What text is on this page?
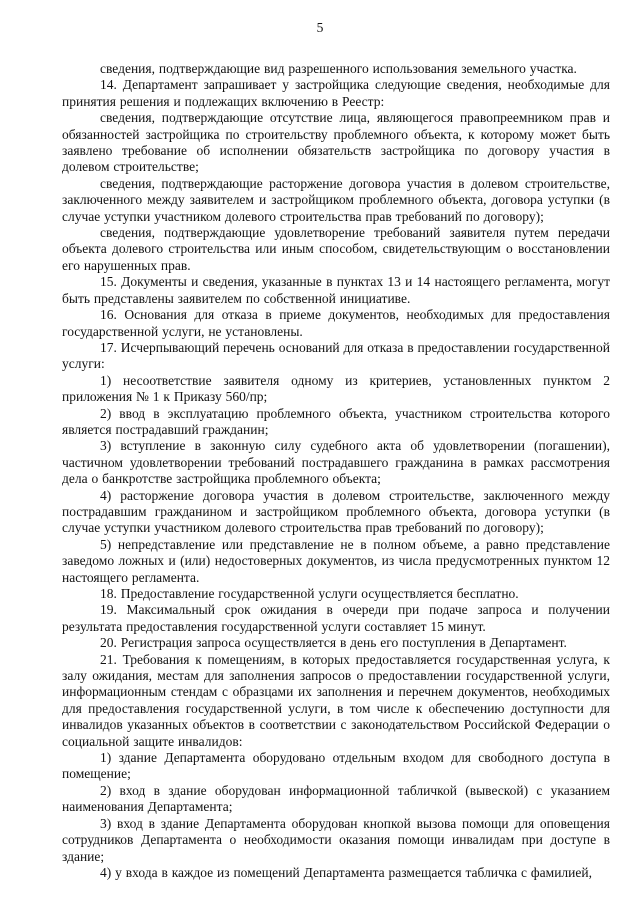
5

сведения, подтверждающие вид разрешенного использования земельного участка.

14. Департамент запрашивает у застройщика следующие сведения, необходимые для принятия решения и подлежащих включению в Реестр:

сведения, подтверждающие отсутствие лица, являющегося правопреемником прав и обязанностей застройщика по строительству проблемного объекта, к которому может быть заявлено требование об исполнении обязательств застройщика по договору участия в долевом строительстве;

сведения, подтверждающие расторжение договора участия в долевом строительстве, заключенного между заявителем и застройщиком проблемного объекта, договора уступки (в случае уступки участником долевого строительства прав требований по договору);

сведения, подтверждающие удовлетворение требований заявителя путем передачи объекта долевого строительства или иным способом, свидетельствующим о восстановлении его нарушенных прав.

15. Документы и сведения, указанные в пунктах 13 и 14 настоящего регламента, могут быть представлены заявителем по собственной инициативе.

16. Основания для отказа в приеме документов, необходимых для предоставления государственной услуги, не установлены.

17. Исчерпывающий перечень оснований для отказа в предоставлении государственной услуги:

1) несоответствие заявителя одному из критериев, установленных пунктом 2 приложения № 1 к Приказу 560/пр;

2) ввод в эксплуатацию проблемного объекта, участником строительства которого является пострадавший гражданин;

3) вступление в законную силу судебного акта об удовлетворении (погашении), частичном удовлетворении требований пострадавшего гражданина в рамках рассмотрения дела о банкротстве застройщика проблемного объекта;

4) расторжение договора участия в долевом строительстве, заключенного между пострадавшим гражданином и застройщиком проблемного объекта, договора уступки (в случае уступки участником долевого строительства прав требований по договору);

5) непредставление или представление не в полном объеме, а равно представление заведомо ложных и (или) недостоверных документов, из числа предусмотренных пунктом 12 настоящего регламента.

18. Предоставление государственной услуги осуществляется бесплатно.

19. Максимальный срок ожидания в очереди при подаче запроса и получении результата предоставления государственной услуги составляет 15 минут.

20. Регистрация запроса осуществляется в день его поступления в Департамент.

21. Требования к помещениям, в которых предоставляется государственная услуга, к залу ожидания, местам для заполнения запросов о предоставлении государственной услуги, информационным стендам с образцами их заполнения и перечнем документов, необходимых для предоставления государственной услуги, в том числе к обеспечению доступности для инвалидов указанных объектов в соответствии с законодательством Российской Федерации о социальной защите инвалидов:

1) здание Департамента оборудовано отдельным входом для свободного доступа в помещение;

2) вход в здание оборудован информационной табличкой (вывеской) с указанием наименования Департамента;

3) вход в здание Департамента оборудован кнопкой вызова помощи для оповещения сотрудников Департамента о необходимости оказания помощи инвалидам при доступе в здание;

4) у входа в каждое из помещений Департамента размещается табличка с фамилией,
